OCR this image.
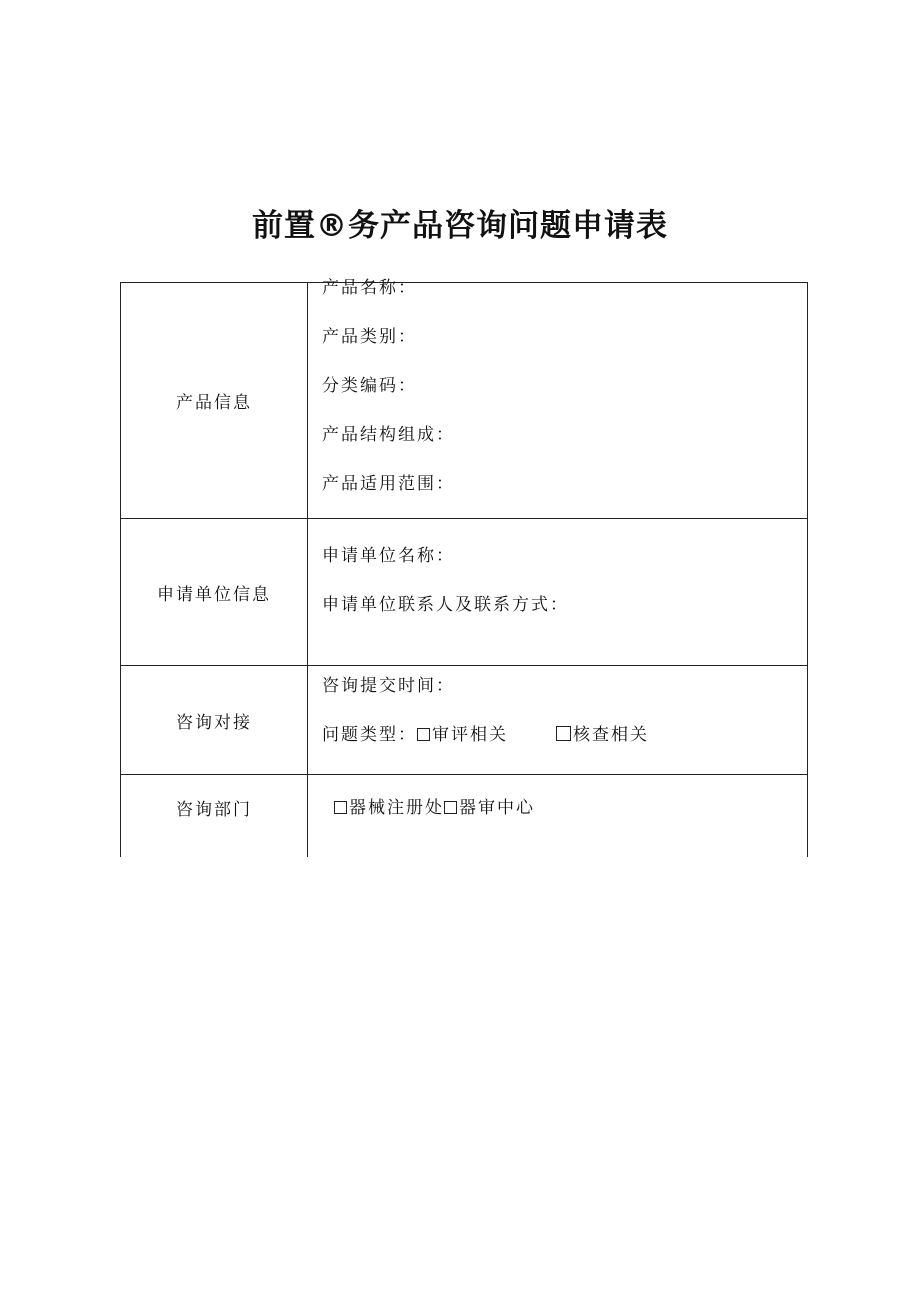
前置®务产品咨询问题申请表
产品信息	产品名称：
产品类别：
分类编码：
产品结构组成：
产品适用范围：

申请单位信息	申请单位名称：
申请单位联系人及联系方式：

咨询对接	咨询提交时间：
问题类型： 审评相关 核查相关

咨询部门	器械注册处 器审中心
